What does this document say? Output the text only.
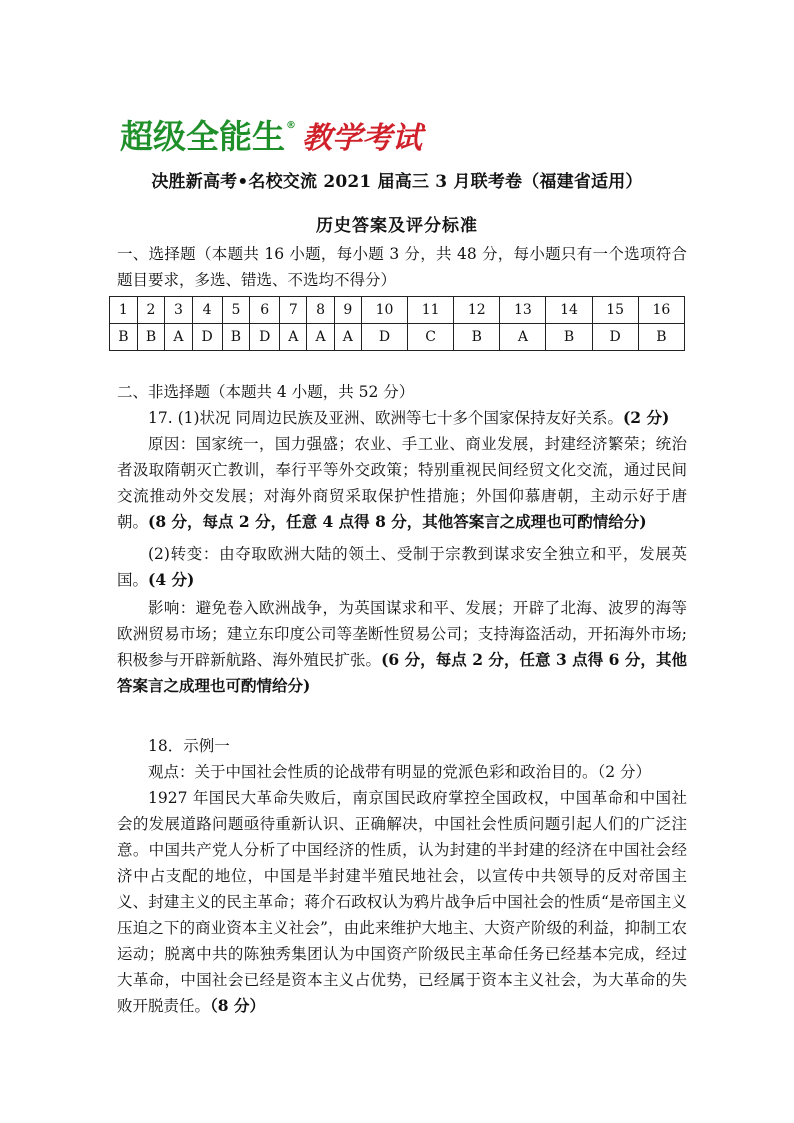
超级全能生® 教学考试
决胜新高考•名校交流 2021 届高三 3 月联考卷（福建省适用）
历史答案及评分标准
一、选择题（本题共 16 小题，每小题 3 分，共 48 分，每小题只有一个选项符合题目要求，多选、错选、不选均不得分）
1	2	3	4	5	6	7	8	9	10	11	12	13	14	15	16
B	B	A	D	B	D	A	A	A	D	C	B	A	B	D	B
二、非选择题（本题共 4 小题，共 52 分）
17. (1)状况 同周边民族及亚洲、欧洲等七十多个国家保持友好关系。(2 分)
原因：国家统一，国力强盛；农业、手工业、商业发展，封建经济繁荣；统治者汲取隋朝灭亡教训，奉行平等外交政策；特别重视民间经贸文化交流，通过民间交流推动外交发展；对海外商贸采取保护性措施；外国仰慕唐朝，主动示好于唐朝。(8 分，每点 2 分，任意 4 点得 8 分，其他答案言之成理也可酌情给分)
(2)转变：由夺取欧洲大陆的领土、受制于宗教到谋求安全独立和平，发展英国。(4 分)
影响：避免卷入欧洲战争，为英国谋求和平、发展；开辟了北海、波罗的海等欧洲贸易市场；建立东印度公司等垄断性贸易公司；支持海盗活动，开拓海外市场; 积极参与开辟新航路、海外殖民扩张。(6 分，每点 2 分，任意 3 点得 6 分，其他答案言之成理也可酌情给分)
18．示例一
观点：关于中国社会性质的论战带有明显的党派色彩和政治目的。（2 分）
1927 年国民大革命失败后，南京国民政府掌控全国政权，中国革命和中国社会的发展道路问题亟待重新认识、正确解决，中国社会性质问题引起人们的广泛注意。中国共产党人分析了中国经济的性质，认为封建的半封建的经济在中国社会经济中占支配的地位，中国是半封建半殖民地社会，以宣传中共领导的反对帝国主义、封建主义的民主革命；蒋介石政权认为鸦片战争后中国社会的性质“是帝国主义压迫之下的商业资本主义社会”，由此来维护大地主、大资产阶级的利益，抑制工农运动；脱离中共的陈独秀集团认为中国资产阶级民主革命任务已经基本完成，经过大革命，中国社会已经是资本主义占优势，已经属于资本主义社会，为大革命的失败开脱责任。（8 分）
